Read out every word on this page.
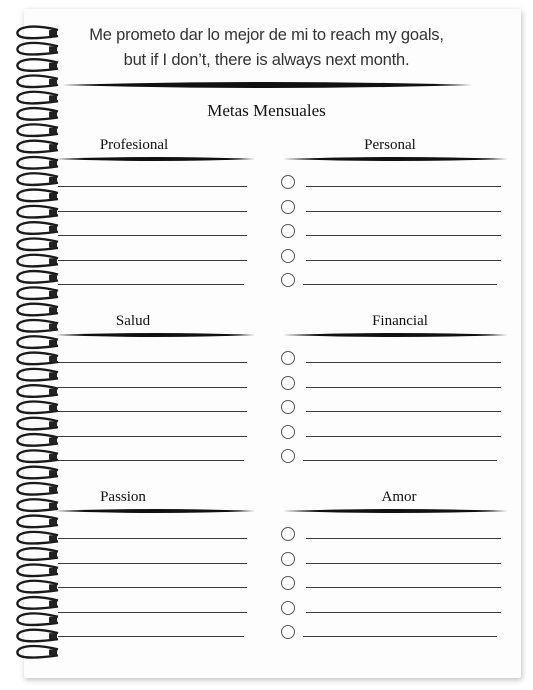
Me prometo dar lo mejor de mi to reach my goals,
but if I don’t, there is always next month.
Metas Mensuales
Profesional	Personal
Salud	Financial
Passion	Amor
